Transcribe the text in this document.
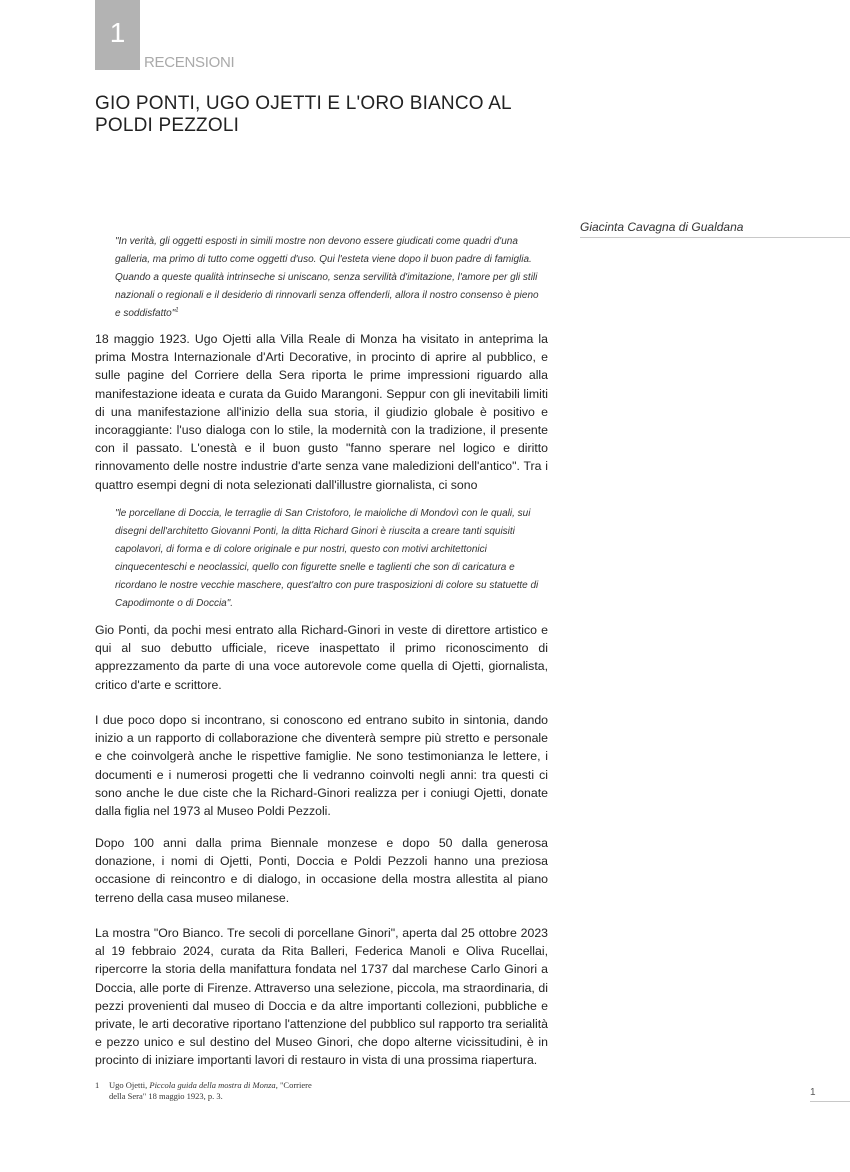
1
RECENSIONI
GIO PONTI, UGO OJETTI E L'ORO BIANCO AL POLDI PEZZOLI
Giacinta Cavagna di Gualdana
"In verità, gli oggetti esposti in simili mostre non devono essere giudicati come quadri d'una galleria, ma primo di tutto come oggetti d'uso. Qui l'esteta viene dopo il buon padre di famiglia. Quando a queste qualità intrinseche si uniscano, senza servilità d'imitazione, l'amore per gli stili nazionali o regionali e il desiderio di rinnovarli senza offenderli, allora il nostro consenso è pieno e soddisfatto"$^1$
18 maggio 1923. Ugo Ojetti alla Villa Reale di Monza ha visitato in anteprima la prima Mostra Internazionale d'Arti Decorative, in procinto di aprire al pubblico, e sulle pagine del Corriere della Sera riporta le prime impressioni riguardo alla manifestazione ideata e curata da Guido Marangoni. Seppur con gli inevitabili limiti di una manifestazione all'inizio della sua storia, il giudizio globale è positivo e incoraggiante: l'uso dialoga con lo stile, la modernità con la tradizione, il presente con il passato. L'onestà e il buon gusto "fanno sperare nel logico e diritto rinnovamento delle nostre industrie d'arte senza vane maledizioni dell'antico". Tra i quattro esempi degni di nota selezionati dall'illustre giornalista, ci sono
"le porcellane di Doccia, le terraglie di San Cristoforo, le maioliche di Mondovì con le quali, sui disegni dell'architetto Giovanni Ponti, la ditta Richard Ginori è riuscita a creare tanti squisiti capolavori, di forma e di colore originale e pur nostri, questo con motivi architettonici cinquecenteschi e neoclassici, quello con figurette snelle e taglienti che son di caricatura e ricordano le nostre vecchie maschere, quest'altro con pure trasposizioni di colore su statuette di Capodimonte o di Doccia".
Gio Ponti, da pochi mesi entrato alla Richard-Ginori in veste di direttore artistico e qui al suo debutto ufficiale, riceve inaspettato il primo riconoscimento di apprezzamento da parte di una voce autorevole come quella di Ojetti, giornalista, critico d'arte e scrittore.
I due poco dopo si incontrano, si conoscono ed entrano subito in sintonia, dando inizio a un rapporto di collaborazione che diventerà sempre più stretto e personale e che coinvolgerà anche le rispettive famiglie. Ne sono testimonianza le lettere, i documenti e i numerosi progetti che li vedranno coinvolti negli anni: tra questi ci sono anche le due ciste che la Richard-Ginori realizza per i coniugi Ojetti, donate dalla figlia nel 1973 al Museo Poldi Pezzoli.
Dopo 100 anni dalla prima Biennale monzese e dopo 50 dalla generosa donazione, i nomi di Ojetti, Ponti, Doccia e Poldi Pezzoli hanno una preziosa occasione di reincontro e di dialogo, in occasione della mostra allestita al piano terreno della casa museo milanese.
La mostra "Oro Bianco. Tre secoli di porcellane Ginori", aperta dal 25 ottobre 2023 al 19 febbraio 2024, curata da Rita Balleri, Federica Manoli e Oliva Rucellai, ripercorre la storia della manifattura fondata nel 1737 dal marchese Carlo Ginori a Doccia, alle porte di Firenze. Attraverso una selezione, piccola, ma straordinaria, di pezzi provenienti dal museo di Doccia e da altre importanti collezioni, pubbliche e private, le arti decorative riportano l'attenzione del pubblico sul rapporto tra serialità e pezzo unico e sul destino del Museo Ginori, che dopo alterne vicissitudini, è in procinto di iniziare importanti lavori di restauro in vista di una prossima riapertura.
1 Ugo Ojetti, Piccola guida della mostra di Monza, "Corriere della Sera" 18 maggio 1923, p. 3.	1
